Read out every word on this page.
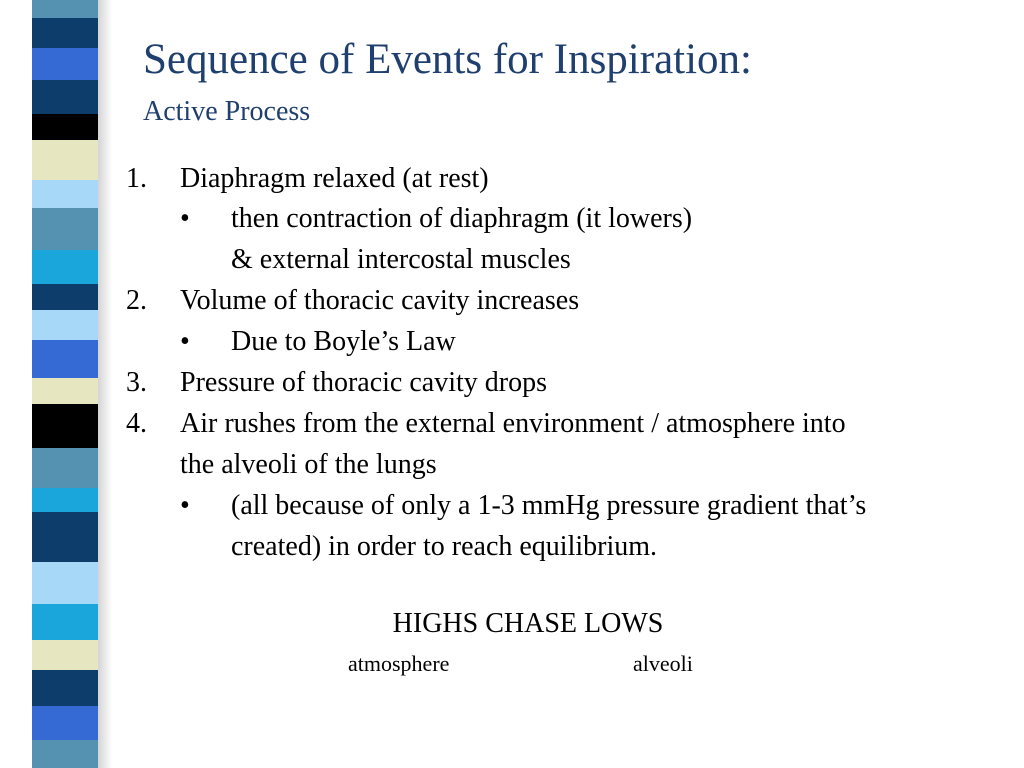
Sequence of Events for Inspiration:
Active Process
1. Diaphragm relaxed (at rest)
• then contraction of diaphragm (it lowers)
& external intercostal muscles
2. Volume of thoracic cavity increases
• Due to Boyle’s Law
3. Pressure of thoracic cavity drops
4. Air rushes from the external environment / atmosphere into
the alveoli of the lungs
• (all because of only a 1-3 mmHg pressure gradient that’s
created) in order to reach equilibrium.
HIGHS CHASE LOWS
atmosphere	alveoli
